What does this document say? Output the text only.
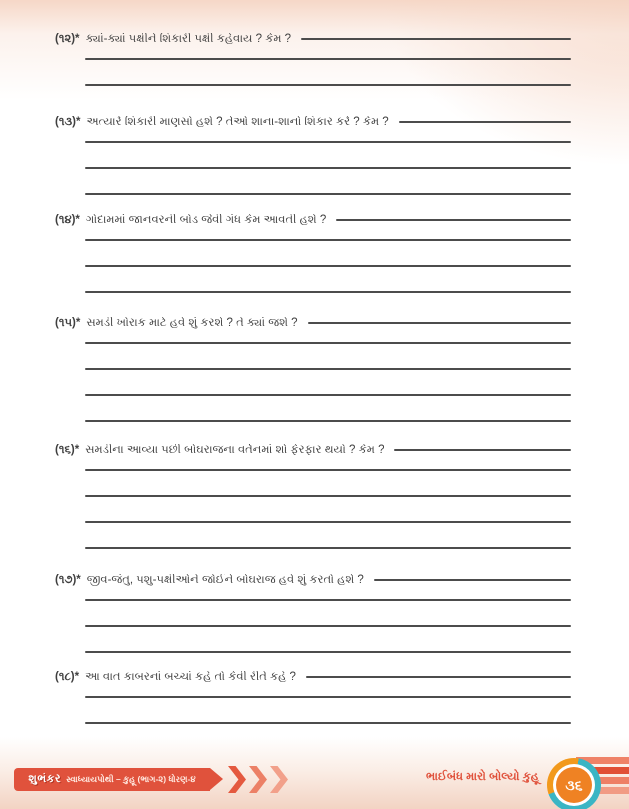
(૧૨)* ક્યાં-ક્યાં પક્ષીને શિકારી પક્ષી કહેવાય ? કેમ ?
(૧૩)* અત્યારે શિકારી માણસો હશે ? તેઓ શાના-શાનો શિકાર કરે ? કેમ ?
(૧૪)* ગોદામમાં જાનવરની બોડ જેવી ગંધ કેમ આવતી હશે ?
(૧૫)* સમડી ખોરાક માટે હવે શું કરશે ? તે ક્યાં જશે ?
(૧૬)* સમડીના આવ્યા પછી બોઘરાજના વર્તનમાં શો ફેરફાર થયો ? કેમ ?
(૧૭)* જીવ-જંતુ, પશુ-પક્ષીઓને જોઈને બોઘરાજ હવે શું કરતો હશે ?
(૧૮)* આ વાત કાબરનાં બચ્ચાં કહે તો કેવી રીતે કહે ?
શુભંકર સ્વાધ્યાયપોથી – કુહૂ (ભાગ-૨) ધોરણ-૪	ભાઈબંધ મારો બોલ્યો કુહૂ ૩૬
